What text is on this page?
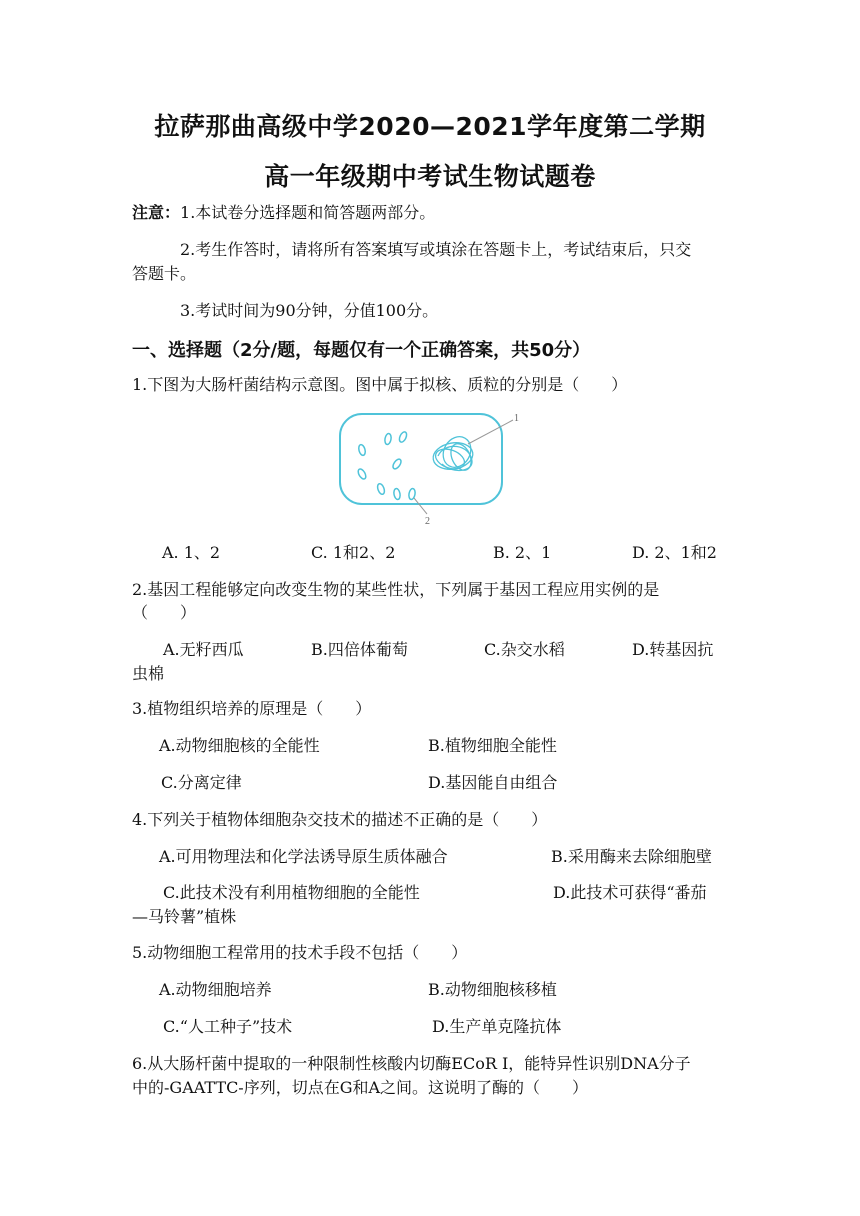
拉萨那曲高级中学2020—2021学年度第二学期
高一年级期中考试生物试题卷
注意：1.本试卷分选择题和简答题两部分。
2.考生作答时，请将所有答案填写或填涂在答题卡上，考试结束后，只交
答题卡。
3.考试时间为90分钟，分值100分。
一、选择题（2分/题，每题仅有一个正确答案，共50分）
1.下图为大肠杆菌结构示意图。图中属于拟核、质粒的分别是（　　）
1
2
A. 1、2	C. 1和2、2	B. 2、1	D. 2、1和2
2.基因工程能够定向改变生物的某些性状，下列属于基因工程应用实例的是
（　　）
A.无籽西瓜	B.四倍体葡萄	C.杂交水稻	D.转基因抗
虫棉
3.植物组织培养的原理是（　　）
A.动物细胞核的全能性	B.植物细胞全能性
C.分离定律	D.基因能自由组合
4.下列关于植物体细胞杂交技术的描述不正确的是（　　）
A.可用物理法和化学法诱导原生质体融合	B.采用酶来去除细胞壁
C.此技术没有利用植物细胞的全能性	D.此技术可获得“番茄
—马铃薯”植株
5.动物细胞工程常用的技术手段不包括（　　）
A.动物细胞培养	B.动物细胞核移植
C.“人工种子”技术	D.生产单克隆抗体
6.从大肠杆菌中提取的一种限制性核酸内切酶ECoR Ⅰ，能特异性识别DNA分子
中的-GAATTC-序列，切点在G和A之间。这说明了酶的（　　）
